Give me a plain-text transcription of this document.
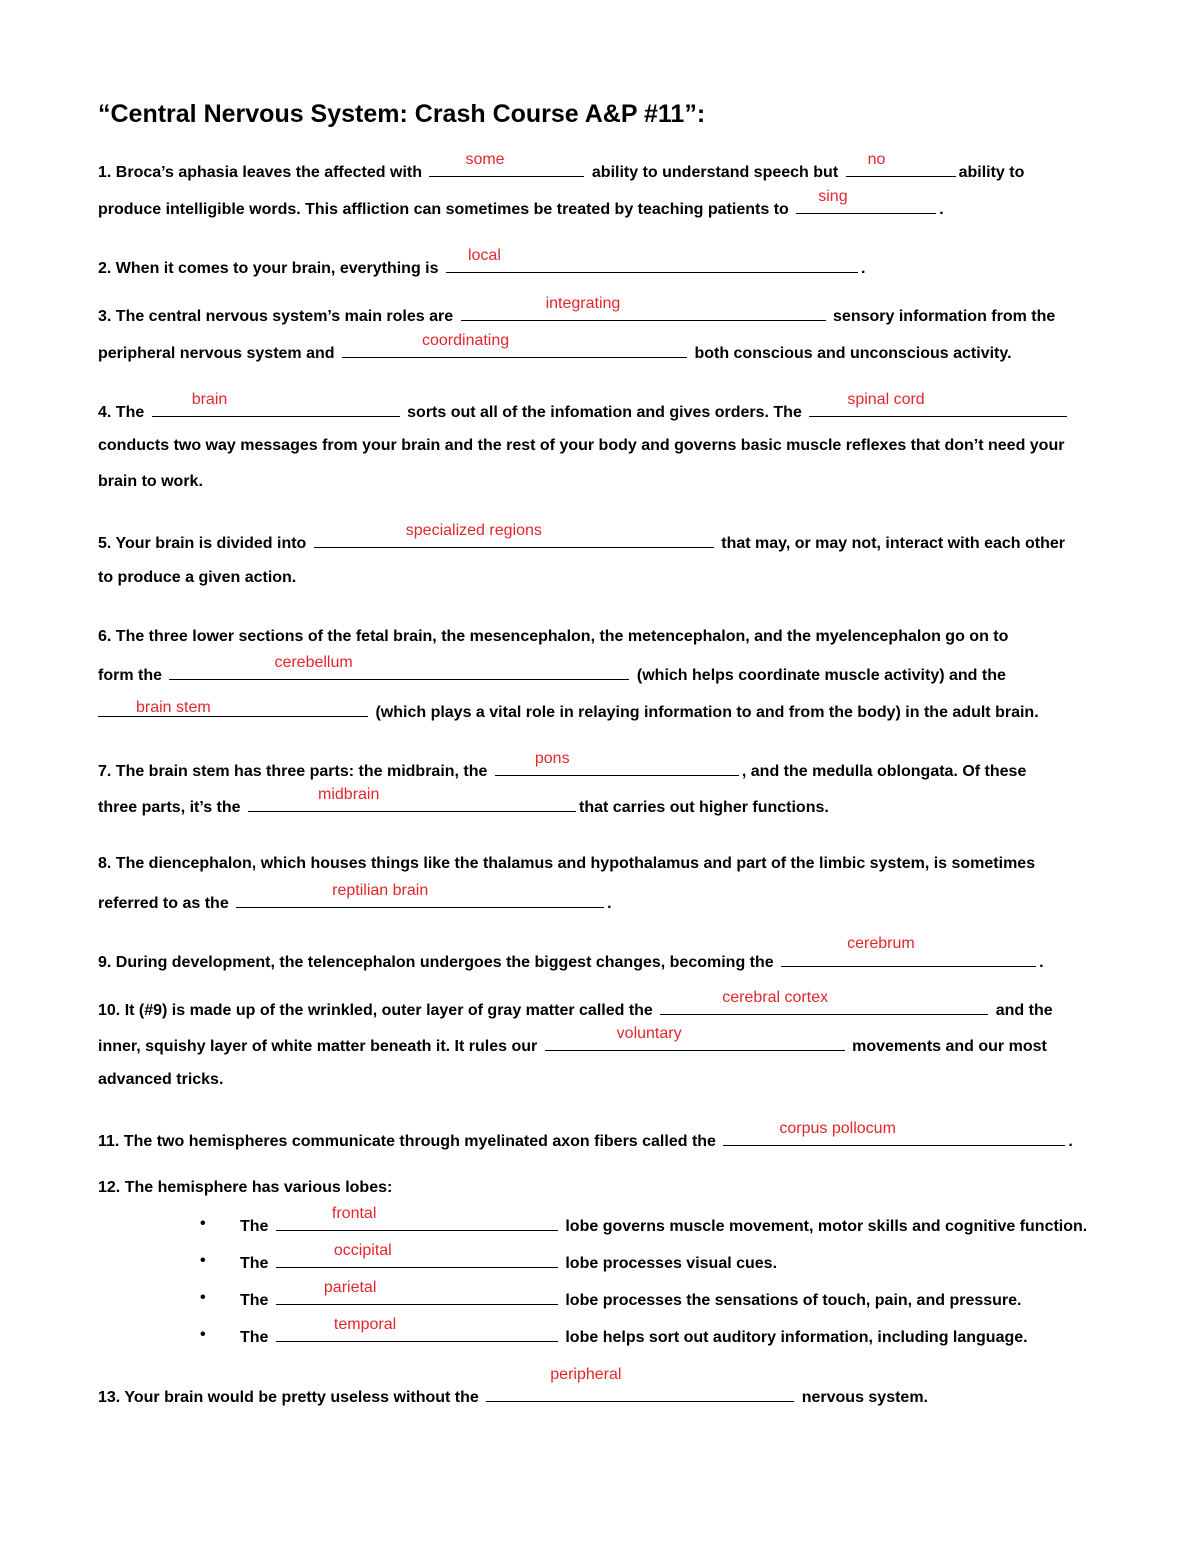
“Central Nervous System: Crash Course A&P #11”:
1. Broca’s aphasia leaves the affected with
some
ability to understand speech but
no
ability to
produce intelligible words. This affliction can sometimes be treated by teaching patients to
sing
.
2. When it comes to your brain, everything is
local
.
3. The central nervous system’s main roles are
integrating
sensory information from the
peripheral nervous system and
coordinating
both conscious and unconscious activity.
4. The
brain
sorts out all of the infomation and gives orders. The
spinal cord
conducts two way messages from your brain and the rest of your body and governs basic muscle reflexes that don’t need your
brain to work.
5. Your brain is divided into
specialized regions
that may, or may not, interact with each other
to produce a given action.
6. The three lower sections of the fetal brain, the mesencephalon, the metencephalon, and the myelencephalon go on to
form the
cerebellum
(which helps coordinate muscle activity) and the
brain stem	(which plays a vital role in relaying information to and from the body) in the adult brain.
7. The brain stem has three parts: the midbrain, the
pons
, and the medulla oblongata. Of these
three parts, it’s the
midbrain
that carries out higher functions.
8. The diencephalon, which houses things like the thalamus and hypothalamus and part of the limbic system, is sometimes
referred to as the
reptilian brain
.
9. During development, the telencephalon undergoes the biggest changes, becoming the
cerebrum
.
10. It (#9) is made up of the wrinkled, outer layer of gray matter called the
cerebral cortex
and the
inner, squishy layer of white matter beneath it. It rules our
voluntary
movements and our most
advanced tricks.
11. The two hemispheres communicate through myelinated axon fibers called the
corpus pollocum
.
12. The hemisphere has various lobes:
• The
frontal
lobe governs muscle movement, motor skills and cognitive function.
• The
occipital
lobe processes visual cues.
• The
parietal
lobe processes the sensations of touch, pain, and pressure.
• The
temporal
lobe helps sort out auditory information, including language.
13. Your brain would be pretty useless without the
peripheral
nervous system.
